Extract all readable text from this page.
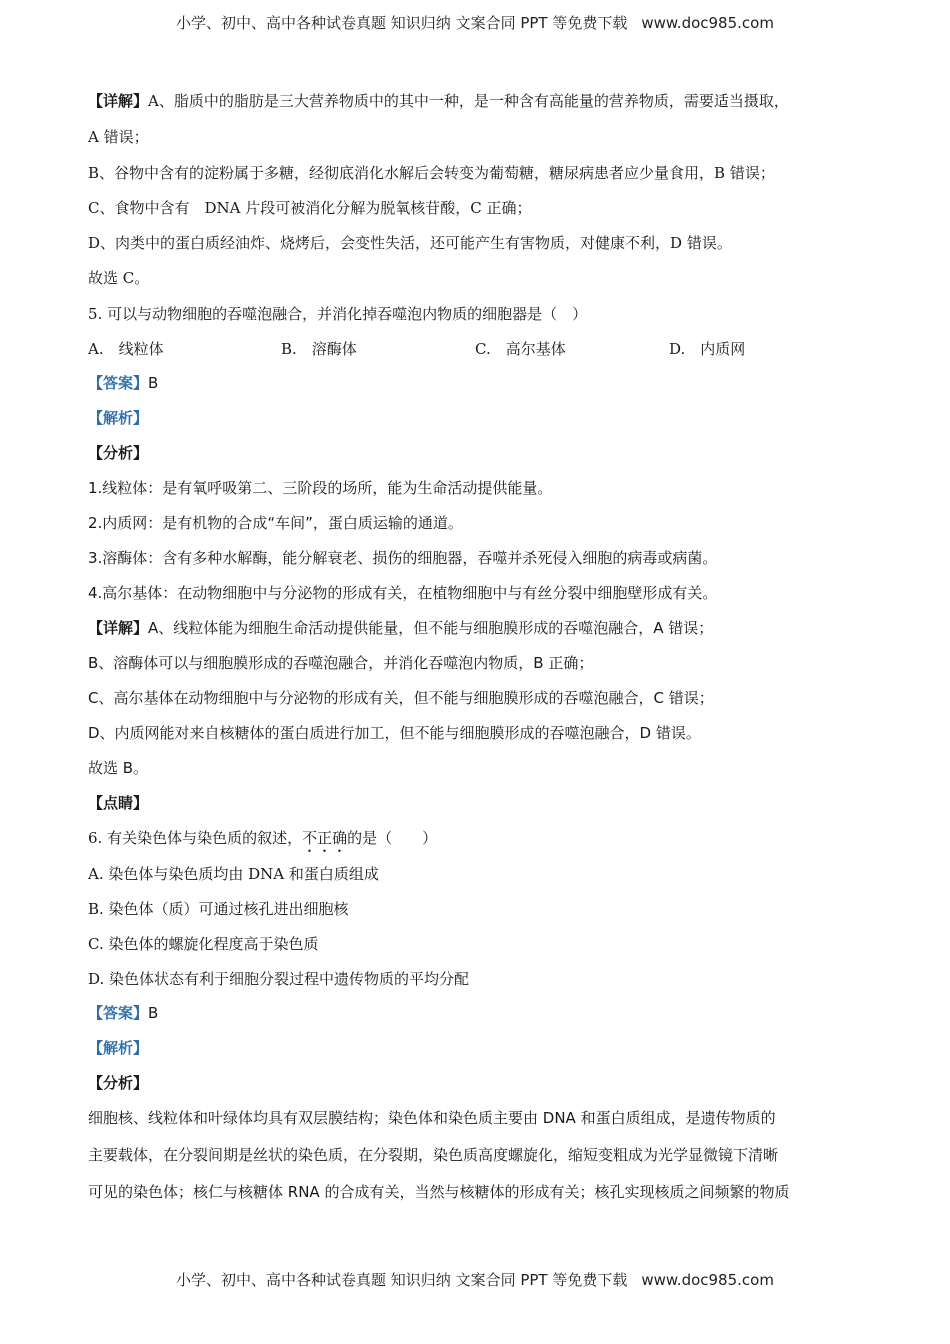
小学、初中、高中各种试卷真题 知识归纳 文案合同 PPT 等免费下载 www.doc985.com
【详解】A、脂质中的脂肪是三大营养物质中的其中一种，是一种含有高能量的营养物质，需要适当摄取，
A 错误；
B、谷物中含有的淀粉属于多糖，经彻底消化水解后会转变为葡萄糖，糖尿病患者应少量食用，B 错误；
C、食物中含有　DNA 片段可被消化分解为脱氧核苷酸，C 正确；
D、肉类中的蛋白质经油炸、烧烤后，会变性失活，还可能产生有害物质，对健康不利，D 错误。
故选 C。
5. 可以与动物细胞的吞噬泡融合，并消化掉吞噬泡内物质的细胞器是（　）
A.　线粒体	B.　溶酶体	C.　高尔基体	D.　内质网
【答案】B
【解析】
【分析】
1.线粒体：是有氧呼吸第二、三阶段的场所，能为生命活动提供能量。
2.内质网：是有机物的合成“车间”，蛋白质运输的通道。
3.溶酶体：含有多种水解酶，能分解衰老、损伤的细胞器，吞噬并杀死侵入细胞的病毒或病菌。
4.高尔基体：在动物细胞中与分泌物的形成有关，在植物细胞中与有丝分裂中细胞壁形成有关。
【详解】A、线粒体能为细胞生命活动提供能量，但不能与细胞膜形成的吞噬泡融合，A 错误；
B、溶酶体可以与细胞膜形成的吞噬泡融合，并消化吞噬泡内物质，B 正确；
C、高尔基体在动物细胞中与分泌物的形成有关，但不能与细胞膜形成的吞噬泡融合，C 错误；
D、内质网能对来自核糖体的蛋白质进行加工，但不能与细胞膜形成的吞噬泡融合，D 错误。
故选 B。
【点睛】
6. 有关染色体与染色质的叙述，不正确的是（　　）
A. 染色体与染色质均由 DNA 和蛋白质组成
B. 染色体（质）可通过核孔进出细胞核
C. 染色体的螺旋化程度高于染色质
D. 染色体状态有利于细胞分裂过程中遗传物质的平均分配
【答案】B
【解析】
【分析】
细胞核、线粒体和叶绿体均具有双层膜结构；染色体和染色质主要由 DNA 和蛋白质组成，是遗传物质的
主要载体，在分裂间期是丝状的染色质，在分裂期，染色质高度螺旋化，缩短变粗成为光学显微镜下清晰
可见的染色体；核仁与核糖体 RNA 的合成有关，当然与核糖体的形成有关；核孔实现核质之间频繁的物质
小学、初中、高中各种试卷真题 知识归纳 文案合同 PPT 等免费下载 www.doc985.com
